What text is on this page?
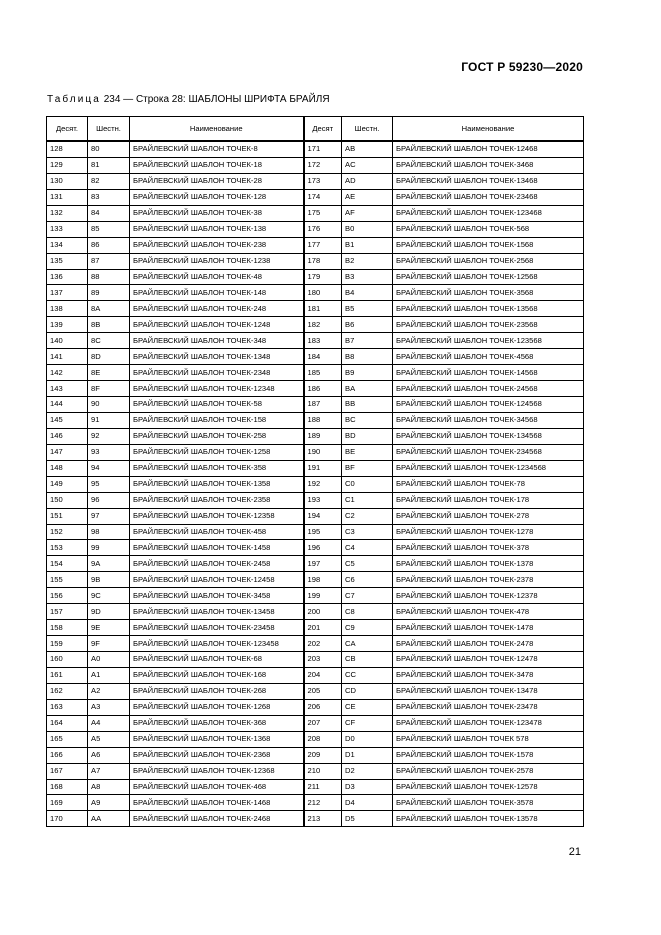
ГОСТ Р 59230—2020
Таблица 234 — Строка 28: ШАБЛОНЫ ШРИФТА БРАЙЛЯ
Десят.	Шестн.	Наименование	Десят	Шестн.	Наименование
128	80	БРАЙЛЕВСКИЙ ШАБЛОН ТОЧЕК-8	171	AB	БРАЙЛЕВСКИЙ ШАБЛОН ТОЧЕК-12468
129	81	БРАЙЛЕВСКИЙ ШАБЛОН ТОЧЕК-18	172	AC	БРАЙЛЕВСКИЙ ШАБЛОН ТОЧЕК-3468
130	82	БРАЙЛЕВСКИЙ ШАБЛОН ТОЧЕК-28	173	AD	БРАЙЛЕВСКИЙ ШАБЛОН ТОЧЕК-13468
131	83	БРАЙЛЕВСКИЙ ШАБЛОН ТОЧЕК-128	174	AE	БРАЙЛЕВСКИЙ ШАБЛОН ТОЧЕК-23468
132	84	БРАЙЛЕВСКИЙ ШАБЛОН ТОЧЕК-38	175	AF	БРАЙЛЕВСКИЙ ШАБЛОН ТОЧЕК-123468
133	85	БРАЙЛЕВСКИЙ ШАБЛОН ТОЧЕК-138	176	B0	БРАЙЛЕВСКИЙ ШАБЛОН ТОЧЕК-568
134	86	БРАЙЛЕВСКИЙ ШАБЛОН ТОЧЕК-238	177	B1	БРАЙЛЕВСКИЙ ШАБЛОН ТОЧЕК-1568
135	87	БРАЙЛЕВСКИЙ ШАБЛОН ТОЧЕК-1238	178	B2	БРАЙЛЕВСКИЙ ШАБЛОН ТОЧЕК-2568
136	88	БРАЙЛЕВСКИЙ ШАБЛОН ТОЧЕК-48	179	B3	БРАЙЛЕВСКИЙ ШАБЛОН ТОЧЕК-12568
137	89	БРАЙЛЕВСКИЙ ШАБЛОН ТОЧЕК-148	180	B4	БРАЙЛЕВСКИЙ ШАБЛОН ТОЧЕК-3568
138	8A	БРАЙЛЕВСКИЙ ШАБЛОН ТОЧЕК-248	181	B5	БРАЙЛЕВСКИЙ ШАБЛОН ТОЧЕК-13568
139	8B	БРАЙЛЕВСКИЙ ШАБЛОН ТОЧЕК-1248	182	B6	БРАЙЛЕВСКИЙ ШАБЛОН ТОЧЕК-23568
140	8C	БРАЙЛЕВСКИЙ ШАБЛОН ТОЧЕК-348	183	B7	БРАЙЛЕВСКИЙ ШАБЛОН ТОЧЕК-123568
141	8D	БРАЙЛЕВСКИЙ ШАБЛОН ТОЧЕК-1348	184	B8	БРАЙЛЕВСКИЙ ШАБЛОН ТОЧЕК-4568
142	8E	БРАЙЛЕВСКИЙ ШАБЛОН ТОЧЕК-2348	185	B9	БРАЙЛЕВСКИЙ ШАБЛОН ТОЧЕК-14568
143	8F	БРАЙЛЕВСКИЙ ШАБЛОН ТОЧЕК-12348	186	BA	БРАЙЛЕВСКИЙ ШАБЛОН ТОЧЕК-24568
144	90	БРАЙЛЕВСКИЙ ШАБЛОН ТОЧЕК-58	187	BB	БРАЙЛЕВСКИЙ ШАБЛОН ТОЧЕК-124568
145	91	БРАЙЛЕВСКИЙ ШАБЛОН ТОЧЕК-158	188	BC	БРАЙЛЕВСКИЙ ШАБЛОН ТОЧЕК-34568
146	92	БРАЙЛЕВСКИЙ ШАБЛОН ТОЧЕК-258	189	BD	БРАЙЛЕВСКИЙ ШАБЛОН ТОЧЕК-134568
147	93	БРАЙЛЕВСКИЙ ШАБЛОН ТОЧЕК-1258	190	BE	БРАЙЛЕВСКИЙ ШАБЛОН ТОЧЕК-234568
148	94	БРАЙЛЕВСКИЙ ШАБЛОН ТОЧЕК-358	191	BF	БРАЙЛЕВСКИЙ ШАБЛОН ТОЧЕК-1234568
149	95	БРАЙЛЕВСКИЙ ШАБЛОН ТОЧЕК-1358	192	C0	БРАЙЛЕВСКИЙ ШАБЛОН ТОЧЕК-78
150	96	БРАЙЛЕВСКИЙ ШАБЛОН ТОЧЕК-2358	193	C1	БРАЙЛЕВСКИЙ ШАБЛОН ТОЧЕК-178
151	97	БРАЙЛЕВСКИЙ ШАБЛОН ТОЧЕК-12358	194	C2	БРАЙЛЕВСКИЙ ШАБЛОН ТОЧЕК-278
152	98	БРАЙЛЕВСКИЙ ШАБЛОН ТОЧЕК-458	195	C3	БРАЙЛЕВСКИЙ ШАБЛОН ТОЧЕК-1278
153	99	БРАЙЛЕВСКИЙ ШАБЛОН ТОЧЕК-1458	196	C4	БРАЙЛЕВСКИЙ ШАБЛОН ТОЧЕК-378
154	9A	БРАЙЛЕВСКИЙ ШАБЛОН ТОЧЕК-2458	197	C5	БРАЙЛЕВСКИЙ ШАБЛОН ТОЧЕК-1378
155	9B	БРАЙЛЕВСКИЙ ШАБЛОН ТОЧЕК-12458	198	C6	БРАЙЛЕВСКИЙ ШАБЛОН ТОЧЕК-2378
156	9C	БРАЙЛЕВСКИЙ ШАБЛОН ТОЧЕК-3458	199	C7	БРАЙЛЕВСКИЙ ШАБЛОН ТОЧЕК-12378
157	9D	БРАЙЛЕВСКИЙ ШАБЛОН ТОЧЕК-13458	200	C8	БРАЙЛЕВСКИЙ ШАБЛОН ТОЧЕК-478
158	9E	БРАЙЛЕВСКИЙ ШАБЛОН ТОЧЕК-23458	201	C9	БРАЙЛЕВСКИЙ ШАБЛОН ТОЧЕК-1478
159	9F	БРАЙЛЕВСКИЙ ШАБЛОН ТОЧЕК-123458	202	CA	БРАЙЛЕВСКИЙ ШАБЛОН ТОЧЕК-2478
160	A0	БРАЙЛЕВСКИЙ ШАБЛОН ТОЧЕК-68	203	CB	БРАЙЛЕВСКИЙ ШАБЛОН ТОЧЕК-12478
161	A1	БРАЙЛЕВСКИЙ ШАБЛОН ТОЧЕК-168	204	CC	БРАЙЛЕВСКИЙ ШАБЛОН ТОЧЕК-3478
162	A2	БРАЙЛЕВСКИЙ ШАБЛОН ТОЧЕК-268	205	CD	БРАЙЛЕВСКИЙ ШАБЛОН ТОЧЕК-13478
163	A3	БРАЙЛЕВСКИЙ ШАБЛОН ТОЧЕК-1268	206	CE	БРАЙЛЕВСКИЙ ШАБЛОН ТОЧЕК-23478
164	A4	БРАЙЛЕВСКИЙ ШАБЛОН ТОЧЕК-368	207	CF	БРАЙЛЕВСКИЙ ШАБЛОН ТОЧЕК-123478
165	A5	БРАЙЛЕВСКИЙ ШАБЛОН ТОЧЕК-1368	208	D0	БРАЙЛЕВСКИЙ ШАБЛОН ТОЧЕК 578
166	A6	БРАЙЛЕВСКИЙ ШАБЛОН ТОЧЕК-2368	209	D1	БРАЙЛЕВСКИЙ ШАБЛОН ТОЧЕК-1578
167	A7	БРАЙЛЕВСКИЙ ШАБЛОН ТОЧЕК-12368	210	D2	БРАЙЛЕВСКИЙ ШАБЛОН ТОЧЕК-2578
168	A8	БРАЙЛЕВСКИЙ ШАБЛОН ТОЧЕК-468	211	D3	БРАЙЛЕВСКИЙ ШАБЛОН ТОЧЕК-12578
169	A9	БРАЙЛЕВСКИЙ ШАБЛОН ТОЧЕК-1468	212	D4	БРАЙЛЕВСКИЙ ШАБЛОН ТОЧЕК-3578
170	AA	БРАЙЛЕВСКИЙ ШАБЛОН ТОЧЕК-2468	213	D5	БРАЙЛЕВСКИЙ ШАБЛОН ТОЧЕК-13578
21
